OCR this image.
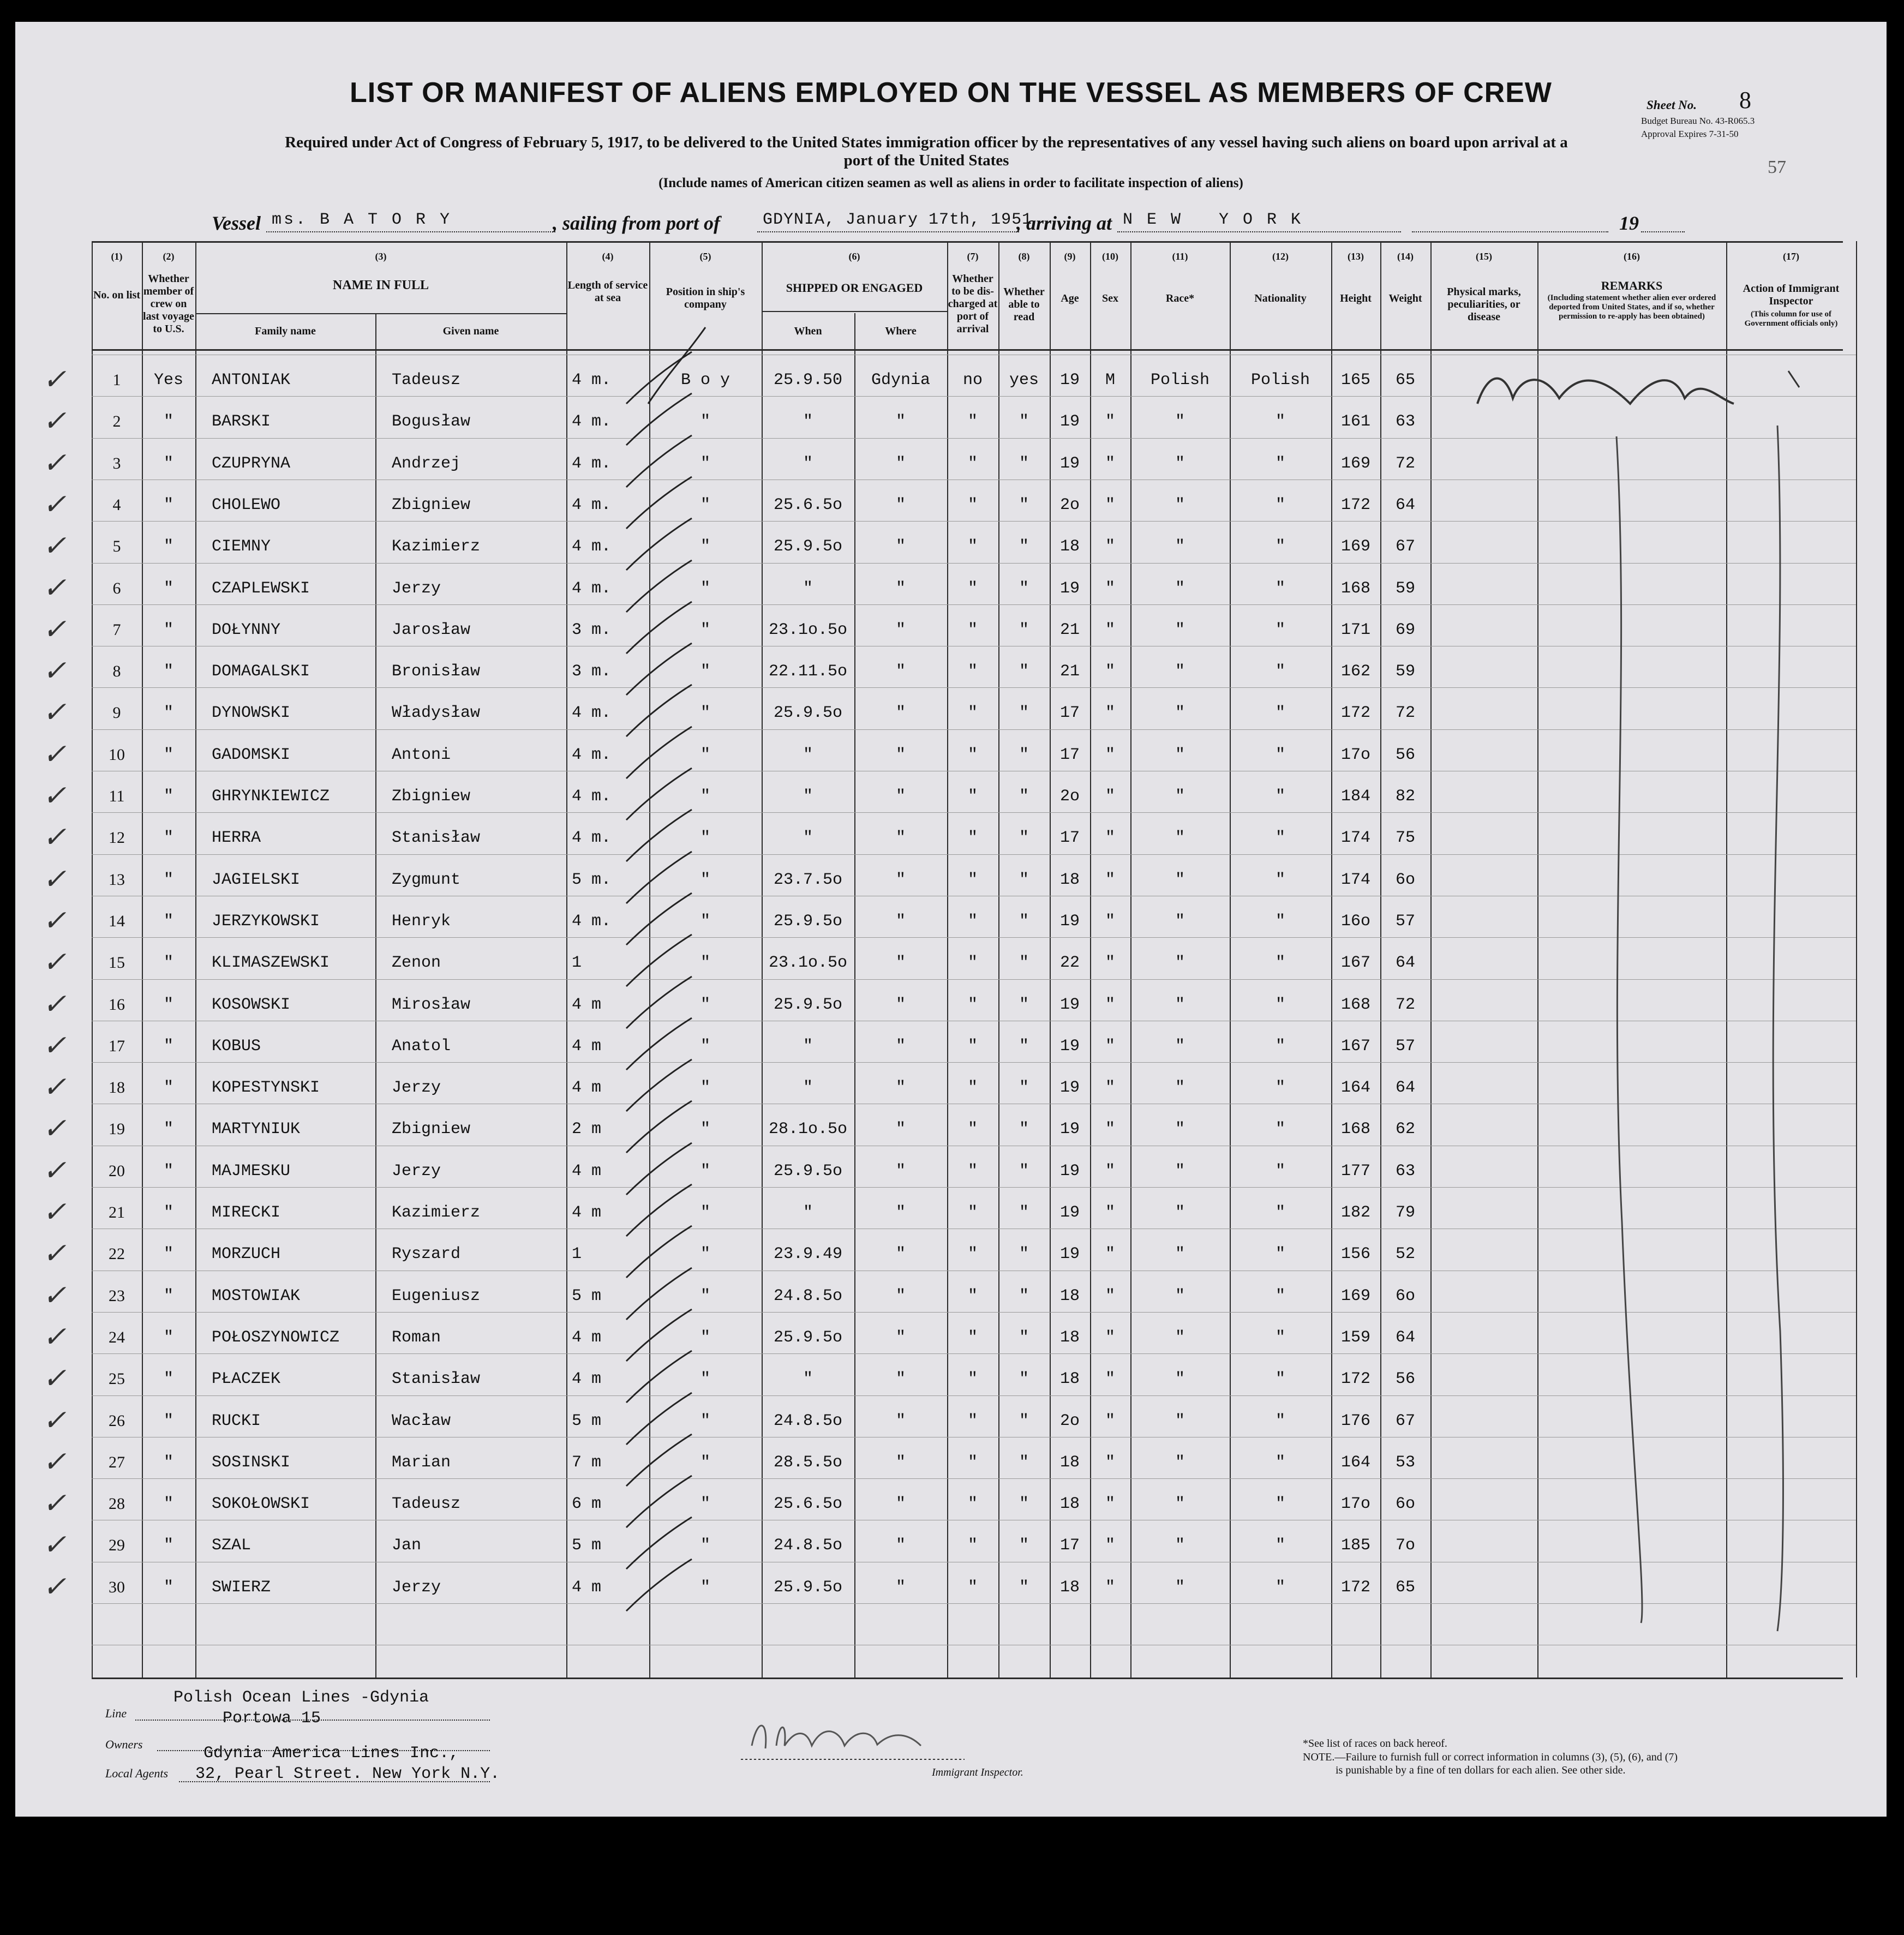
LIST OR MANIFEST OF ALIENS EMPLOYED ON THE VESSEL AS MEMBERS OF CREW
Required under Act of Congress of February 5, 1917, to be delivered to the United States immigration officer by the representatives of any vessel having such aliens on board upon arrival at a
port of the United States
(Include names of American citizen seamen as well as aliens in order to facilitate inspection of aliens)
Sheet No. 8
Budget Bureau No. 43-R065.3
Approval Expires 7-31-50
57
Vessel ms. B A T O R Y	, sailing from port of	GDYNIA, January 17th, 1951
, arriving at N E W   Y O R K	19
(1)	(2)	(3)	(4)	(5)	(6)	(7)	(8)	(9)	(10)	(11)	(12)	(13)	(14)	(15)	(16)	(17)
No. on list
Whether member of crew on last voyage to U.S.
NAME IN FULL
Family name	Given name
Length of service at sea	Position in ship's company
SHIPPED OR ENGAGED
When	Where
Whether to be dis-charged at port of arrival
Whether able to read
Age	Sex	Race*	Nationality	Height	Weight
Physical marks, peculiarities, or disease
REMARKS
(Including statement whether alien ever ordered deported from United States, and if so, whether permission to re-apply has been obtained)
Action of Immigrant Inspector
(This column for use of Government officials only)
1	Yes	ANTONIAK	Tadeusz	4 m.	B o y	25.9.50	Gdynia	no	yes	19	M	Polish	Polish	165	65
✓
2	"	BARSKI	Bogusław	4 m.	"	"	"	"	"	19	"	"	"	161	63
✓
3	"	CZUPRYNA	Andrzej	4 m.	"	"	"	"	"	19	"	"	"	169	72
✓
4	"	CHOLEWO	Zbigniew	4 m.	"	25.6.5o	"	"	"	2o	"	"	"	172	64
✓
5	"	CIEMNY	Kazimierz	4 m.	"	25.9.5o	"	"	"	18	"	"	"	169	67
✓
6	"	CZAPLEWSKI	Jerzy	4 m.	"	"	"	"	"	19	"	"	"	168	59
✓
7	"	DOŁYNNY	Jarosław	3 m.	"	23.1o.5o	"	"	"	21	"	"	"	171	69
✓
8	"	DOMAGALSKI	Bronisław	3 m.	"	22.11.5o	"	"	"	21	"	"	"	162	59
✓
9	"	DYNOWSKI	Władysław	4 m.	"	25.9.5o	"	"	"	17	"	"	"	172	72
✓
10	"	GADOMSKI	Antoni	4 m.	"	"	"	"	"	17	"	"	"	17o	56
✓
11	"	GHRYNKIEWICZ	Zbigniew	4 m.	"	"	"	"	"	2o	"	"	"	184	82
✓
12	"	HERRA	Stanisław	4 m.	"	"	"	"	"	17	"	"	"	174	75
✓
13	"	JAGIELSKI	Zygmunt	5 m.	"	23.7.5o	"	"	"	18	"	"	"	174	6o
✓
14	"	JERZYKOWSKI	Henryk	4 m.	"	25.9.5o	"	"	"	19	"	"	"	16o	57
✓
15	"	KLIMASZEWSKI	Zenon	1	"	23.1o.5o	"	"	"	22	"	"	"	167	64
✓
16	"	KOSOWSKI	Mirosław	4 m	"	25.9.5o	"	"	"	19	"	"	"	168	72
✓
17	"	KOBUS	Anatol	4 m	"	"	"	"	"	19	"	"	"	167	57
✓
18	"	KOPESTYNSKI	Jerzy	4 m	"	"	"	"	"	19	"	"	"	164	64
✓
19	"	MARTYNIUK	Zbigniew	2 m	"	28.1o.5o	"	"	"	19	"	"	"	168	62
✓
20	"	MAJMESKU	Jerzy	4 m	"	25.9.5o	"	"	"	19	"	"	"	177	63
✓
21	"	MIRECKI	Kazimierz	4 m	"	"	"	"	"	19	"	"	"	182	79
✓
22	"	MORZUCH	Ryszard	1	"	23.9.49	"	"	"	19	"	"	"	156	52
✓
23	"	MOSTOWIAK	Eugeniusz	5 m	"	24.8.5o	"	"	"	18	"	"	"	169	6o
✓
24	"	POŁOSZYNOWICZ	Roman	4 m	"	25.9.5o	"	"	"	18	"	"	"	159	64
✓
25	"	PŁACZEK	Stanisław	4 m	"	"	"	"	"	18	"	"	"	172	56
✓
26	"	RUCKI	Wacław	5 m	"	24.8.5o	"	"	"	2o	"	"	"	176	67
✓
27	"	SOSINSKI	Marian	7 m	"	28.5.5o	"	"	"	18	"	"	"	164	53
✓
28	"	SOKOŁOWSKI	Tadeusz	6 m	"	25.6.5o	"	"	"	18	"	"	"	17o	6o
✓
29	"	SZAL	Jan	5 m	"	24.8.5o	"	"	"	17	"	"	"	185	7o
✓
30	"	SWIERZ	Jerzy	4 m	"	25.9.5o	"	"	"	18	"	"	"	172	65
✓
Line
Polish Ocean Lines -Gdynia
Portowa 15
Owners	Gdynia America Lines Inc.,
Local Agents 32, Pearl Street. New York N.Y.	Immigrant Inspector.
*See list of races on back hereof.
NOTE.—Failure to furnish full or correct information in columns (3), (5), (6), and (7)
is punishable by a fine of ten dollars for each alien. See other side.
